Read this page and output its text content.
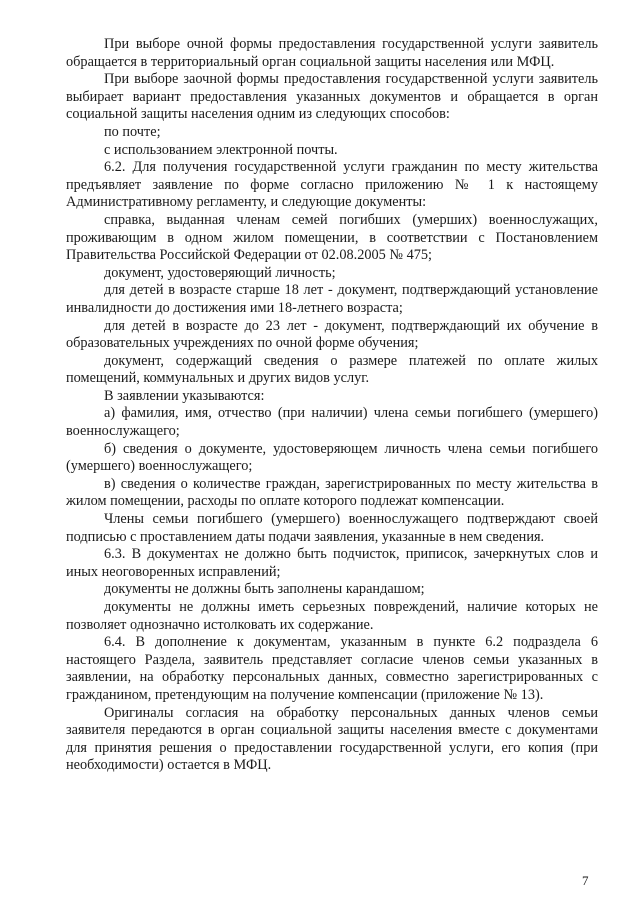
При выборе очной формы предоставления государственной услуги заявитель обращается в территориальный орган социальной защиты населения или МФЦ.

При выборе заочной формы предоставления государственной услуги заявитель выбирает вариант предоставления указанных документов и обращается в орган социальной защиты населения одним из следующих способов:

по почте;

с использованием электронной почты.

6.2. Для получения государственной услуги гражданин по месту жительства предъявляет заявление по форме согласно приложению № 1 к настоящему Административному регламенту, и следующие документы:

справка, выданная членам семей погибших (умерших) военнослужащих, проживающим в одном жилом помещении, в соответствии с Постановлением Правительства Российской Федерации от 02.08.2005 № 475;

документ, удостоверяющий личность;

для детей в возрасте старше 18 лет - документ, подтверждающий установление инвалидности до достижения ими 18-летнего возраста;

для детей в возрасте до 23 лет - документ, подтверждающий их обучение в образовательных учреждениях по очной форме обучения;

документ, содержащий сведения о размере платежей по оплате жилых помещений, коммунальных и других видов услуг.

В заявлении указываются:

а) фамилия, имя, отчество (при наличии) члена семьи погибшего (умершего) военнослужащего;

б) сведения о документе, удостоверяющем личность члена семьи погибшего (умершего) военнослужащего;

в) сведения о количестве граждан, зарегистрированных по месту жительства в жилом помещении, расходы по оплате которого подлежат компенсации.

Члены семьи погибшего (умершего) военнослужащего подтверждают своей подписью с проставлением даты подачи заявления, указанные в нем сведения.

6.3. В документах не должно быть подчисток, приписок, зачеркнутых слов и иных неоговоренных исправлений;

документы не должны быть заполнены карандашом;

документы не должны иметь серьезных повреждений, наличие которых не позволяет однозначно истолковать их содержание.

6.4. В дополнение к документам, указанным в пункте 6.2 подраздела 6 настоящего Раздела, заявитель представляет согласие членов семьи указанных в заявлении, на обработку персональных данных, совместно зарегистрированных с гражданином, претендующим на получение компенсации (приложение № 13).

Оригиналы согласия на обработку персональных данных членов семьи заявителя передаются в орган социальной защиты населения вместе с документами для принятия решения о предоставлении государственной услуги, его копия (при необходимости) остается в МФЦ.

7
